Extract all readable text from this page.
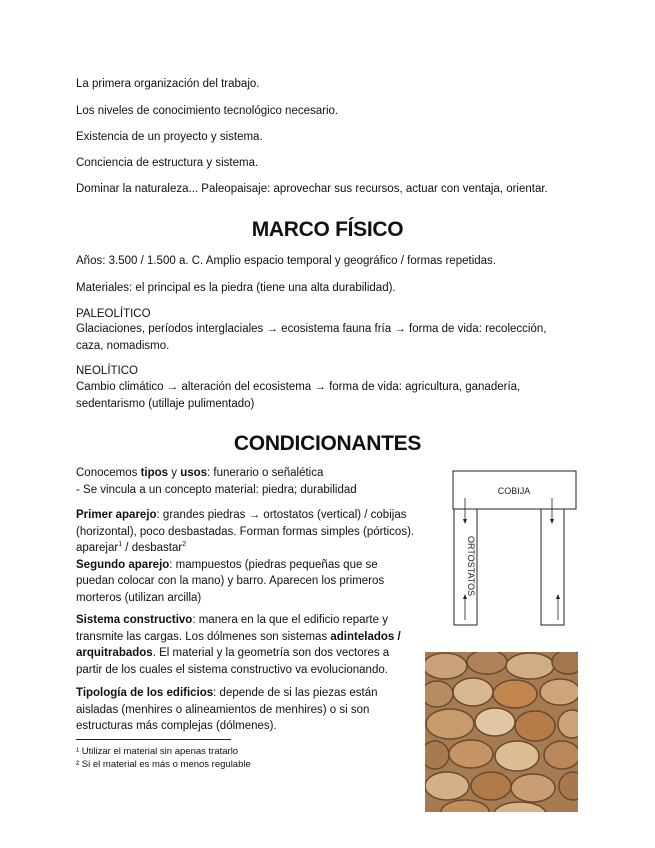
La primera organización del trabajo.
Los niveles de conocimiento tecnológico necesario.
Existencia de un proyecto y sistema.
Conciencia de estructura y sistema.
Dominar la naturaleza... Paleopaisaje: aprovechar sus recursos, actuar con ventaja, orientar.
MARCO FÍSICO
Años: 3.500 / 1.500 a. C. Amplio espacio temporal y geográfico / formas repetidas.
Materiales: el principal es la piedra (tiene una alta durabilidad).
PALEOLÍTICO
Glaciaciones, períodos interglaciales → ecosistema fauna fría → forma de vida: recolección, caza, nomadismo.
NEOLÍTICO
Cambio climático → alteración del ecosistema → forma de vida: agricultura, ganadería, sedentarismo (utillaje pulimentado)
CONDICIONANTES
Conocemos tipos y usos: funerario o señalética
- Se vincula a un concepto material: piedra; durabilidad
Primer aparejo: grandes piedras → ortostatos (vertical) / cobijas (horizontal), poco desbastadas. Forman formas simples (pórticos). aparejar$^1$ / desbastar$^2$
Segundo aparejo: mampuestos (piedras pequeñas que se puedan colocar con la mano) y barro. Aparecen los primeros morteros (utilizan arcilla)
Sistema constructivo: manera en la que el edificio reparte y transmite las cargas. Los dólmenes son sistemas adintelados / arquitrabados. El material y la geometría son dos vectores a partir de los cuales el sistema constructivo va evolucionando.
Tipología de los edificios: depende de si las piezas están aisladas (menhires o alineamientos de menhires) o si son estructuras más complejas (dólmenes).
¹ Utilizar el material sin apenas tratarlo
² Si el material es más o menos regulable
COBIJA
ORTOSTATOS
